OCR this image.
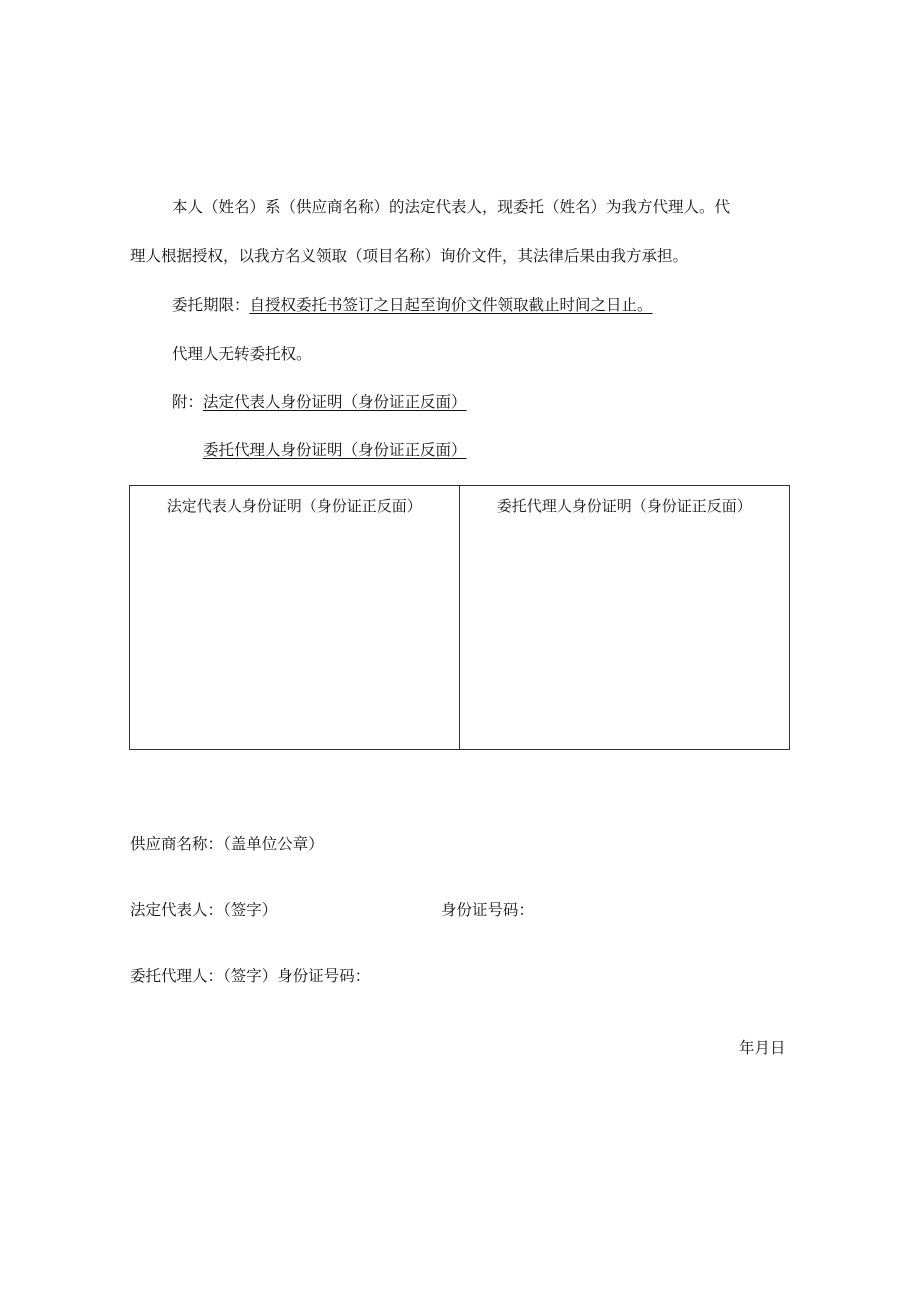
本人（姓名）系（供应商名称）的法定代表人，现委托（姓名）为我方代理人。代

理人根据授权，以我方名义领取（项目名称）询价文件，其法律后果由我方承担。

委托期限：自授权委托书签订之日起至询价文件领取截止时间之日止。

代理人无转委托权。

附：法定代表人身份证明（身份证正反面）

委托代理人身份证明（身份证正反面）

法定代表人身份证明（身份证正反面）	委托代理人身份证明（身份证正反面）

供应商名称：（盖单位公章）

法定代表人：（签字）	身份证号码：

委托代理人：（签字）身份证号码：

年月日
